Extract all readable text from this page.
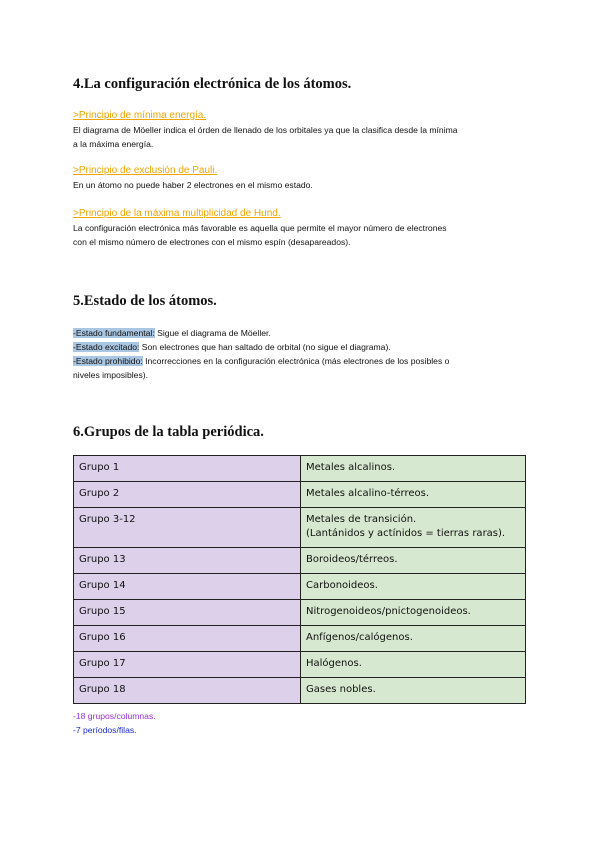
4.La configuración electrónica de los átomos.

>Principio de mínima energía.

El diagrama de Möeller indica el órden de llenado de los orbitales ya que la clasifica desde la mínima
a la máxima energía.

>Principio de exclusión de Pauli.

En un átomo no puede haber 2 electrones en el mismo estado.

>Principio de la máxima multiplicidad de Hund.

La configuración electrónica más favorable es aquella que permite el mayor número de electrones
con el mismo número de electrones con el mismo espín (desapareados).

5.Estado de los átomos.

-Estado fundamental: Sigue el diagrama de Möeller.
-Estado excitado: Son electrones que han saltado de orbital (no sigue el diagrama).
-Estado prohibido: Incorrecciones en la configuración electrónica (más electrones de los posibles o
niveles imposibles).

6.Grupos de la tabla periódica.
Grupo 1	Metales alcalinos.
Grupo 2	Metales alcalino-térreos.
Grupo 3-12	Metales de transición.
(Lantánidos y actínidos = tierras raras).
Grupo 13	Boroideos/térreos.
Grupo 14	Carbonoideos.
Grupo 15	Nitrogenoideos/pnictogenoideos.
Grupo 16	Anfígenos/calógenos.
Grupo 17	Halógenos.
Grupo 18	Gases nobles.

-18 grupos/columnas.

-7 períodos/filas.
